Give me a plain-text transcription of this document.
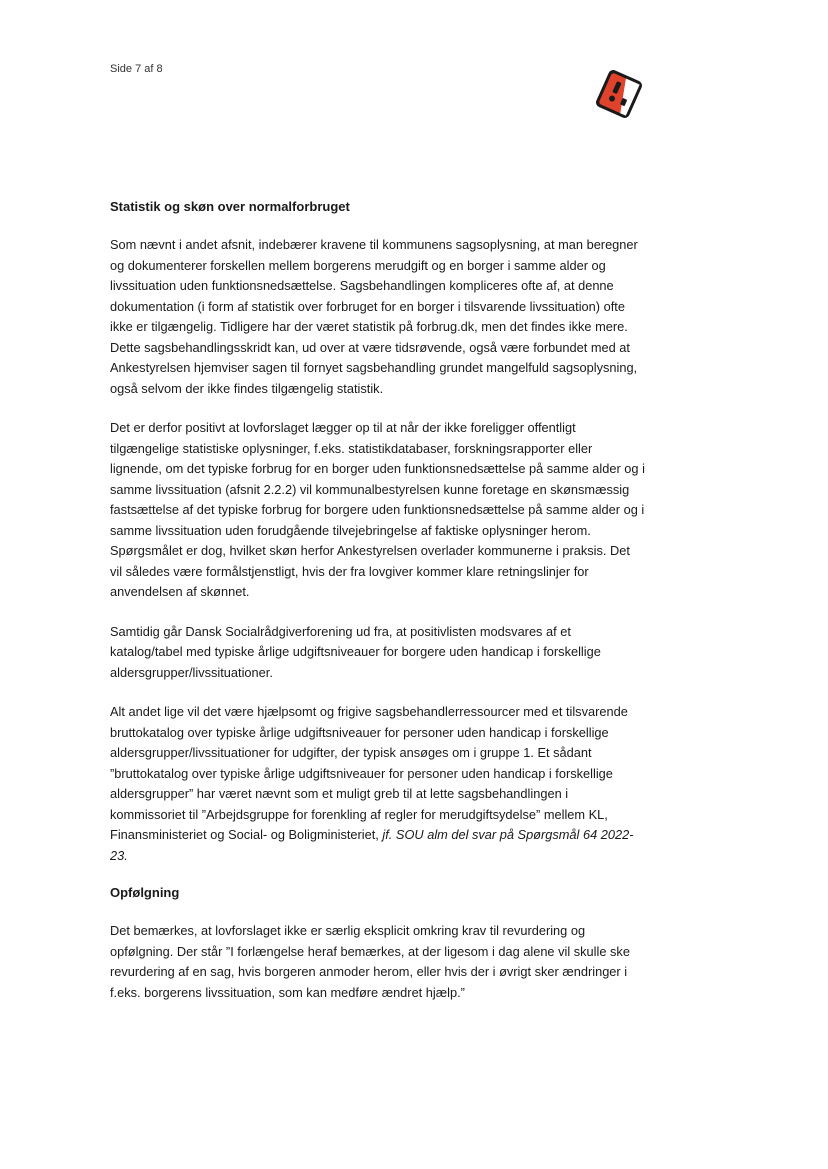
Side 7 af 8
Statistik og skøn over normalforbruget

Som nævnt i andet afsnit, indebærer kravene til kommunens sagsoplysning, at man beregner og dokumenterer forskellen mellem borgerens merudgift og en borger i samme alder og livssituation uden funktionsnedsættelse. Sagsbehandlingen kompliceres ofte af, at denne dokumentation (i form af statistik over forbruget for en borger i tilsvarende livssituation) ofte ikke er tilgængelig. Tidligere har der været statistik på forbrug.dk, men det findes ikke mere. Dette sagsbehandlingsskridt kan, ud over at være tidsrøvende, også være forbundet med at Ankestyrelsen hjemviser sagen til fornyet sagsbehandling grundet mangelfuld sagsoplysning, også selvom der ikke findes tilgængelig statistik.

Det er derfor positivt at lovforslaget lægger op til at når der ikke foreligger offentligt tilgængelige statistiske oplysninger, f.eks. statistikdatabaser, forskningsrapporter eller lignende, om det typiske forbrug for en borger uden funktionsnedsættelse på samme alder og i samme livssituation (afsnit 2.2.2) vil kommunalbestyrelsen kunne foretage en skønsmæssig fastsættelse af det typiske forbrug for borgere uden funktionsnedsættelse på samme alder og i samme livssituation uden forudgående tilvejebringelse af faktiske oplysninger herom. Spørgsmålet er dog, hvilket skøn herfor Ankestyrelsen overlader kommunerne i praksis. Det vil således være formålstjenstligt, hvis der fra lovgiver kommer klare retningslinjer for anvendelsen af skønnet.

Samtidig går Dansk Socialrådgiverforening ud fra, at positivlisten modsvares af et katalog/tabel med typiske årlige udgiftsniveauer for borgere uden handicap i forskellige aldersgrupper/livssituationer.

Alt andet lige vil det være hjælpsomt og frigive sagsbehandlerressourcer med et tilsvarende bruttokatalog over typiske årlige udgiftsniveauer for personer uden handicap i forskellige aldersgrupper/livssituationer for udgifter, der typisk ansøges om i gruppe 1. Et sådant ”bruttokatalog over typiske årlige udgiftsniveauer for personer uden handicap i forskellige aldersgrupper” har været nævnt som et muligt greb til at lette sagsbehandlingen i kommissoriet til ”Arbejdsgruppe for forenkling af regler for merudgiftsydelse” mellem KL, Finansministeriet og Social- og Boligministeriet, jf. SOU alm del svar på Spørgsmål 64 2022-23.

Opfølgning

Det bemærkes, at lovforslaget ikke er særlig eksplicit omkring krav til revurdering og opfølgning. Der står ”I forlængelse heraf bemærkes, at der ligesom i dag alene vil skulle ske revurdering af en sag, hvis borgeren anmoder herom, eller hvis der i øvrigt sker ændringer i f.eks. borgerens livssituation, som kan medføre ændret hjælp.”
